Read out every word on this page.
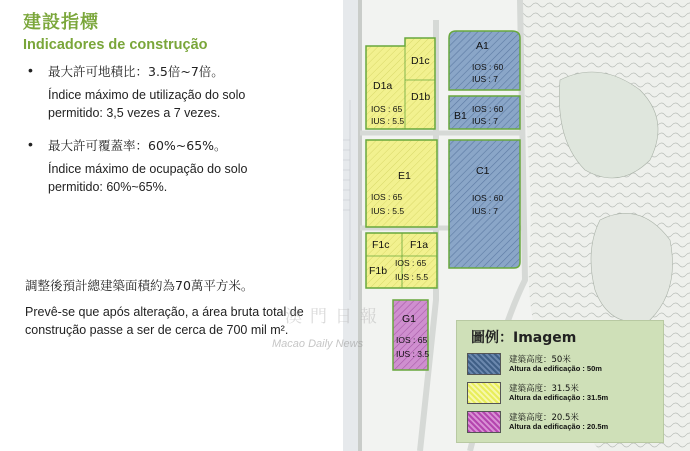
建設指標
Indicadores de construção
• 最大許可地積比：3.5倍~7倍。
Índice máximo de utilização do solo
permitido: 3,5 vezes a 7 vezes.
• 最大許可覆蓋率：60%~65%。
Índice máximo de ocupação do solo
permitido: 60%~65%.
調整後預計總建築面積約為70萬平方米。
Prevê-se que após alteração, a área bruta total de
construção passe a ser de cerca de 700 mil m².
D1c
D1a
D1b
IOS : 65
IUS : 5.5
A1
IOS : 60
IUS : 7
B1
IOS : 60
IUS : 7
E1
IOS : 65
IUS : 5.5
C1
IOS : 60
IUS : 7
F1c F1a
F1b
IOS : 65
IUS : 5.5
G1
IOS : 65
IUS : 3.5
澳門日報
Macao Daily News	圖例：Imagem
建築高度：50米
Altura da edificação : 50m
建築高度：31.5米
Altura da edificação : 31.5m
建築高度：20.5米
Altura da edificação : 20.5m
